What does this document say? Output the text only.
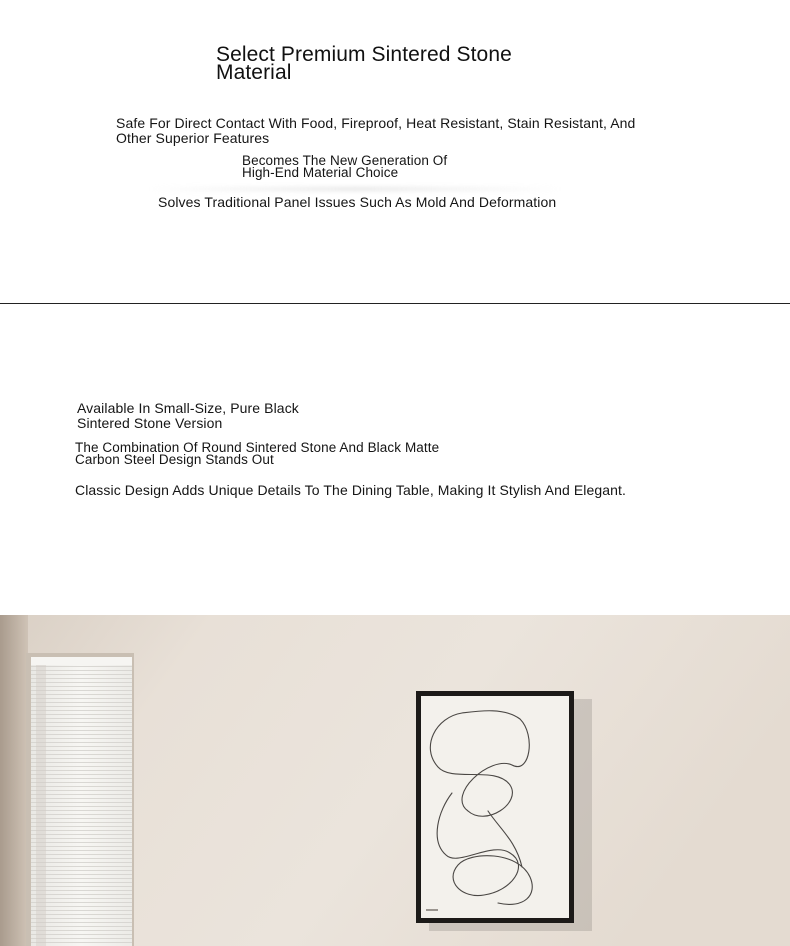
Select Premium Sintered Stone
Material
Safe For Direct Contact With Food, Fireproof, Heat Resistant, Stain Resistant, And
Other Superior Features
Becomes The New Generation Of
High-End Material Choice
Solves Traditional Panel Issues Such As Mold And Deformation
Available In Small-Size, Pure Black
Sintered Stone Version
The Combination Of Round Sintered Stone And Black Matte
Carbon Steel Design Stands Out
Classic Design Adds Unique Details To The Dining Table, Making It Stylish And Elegant.
